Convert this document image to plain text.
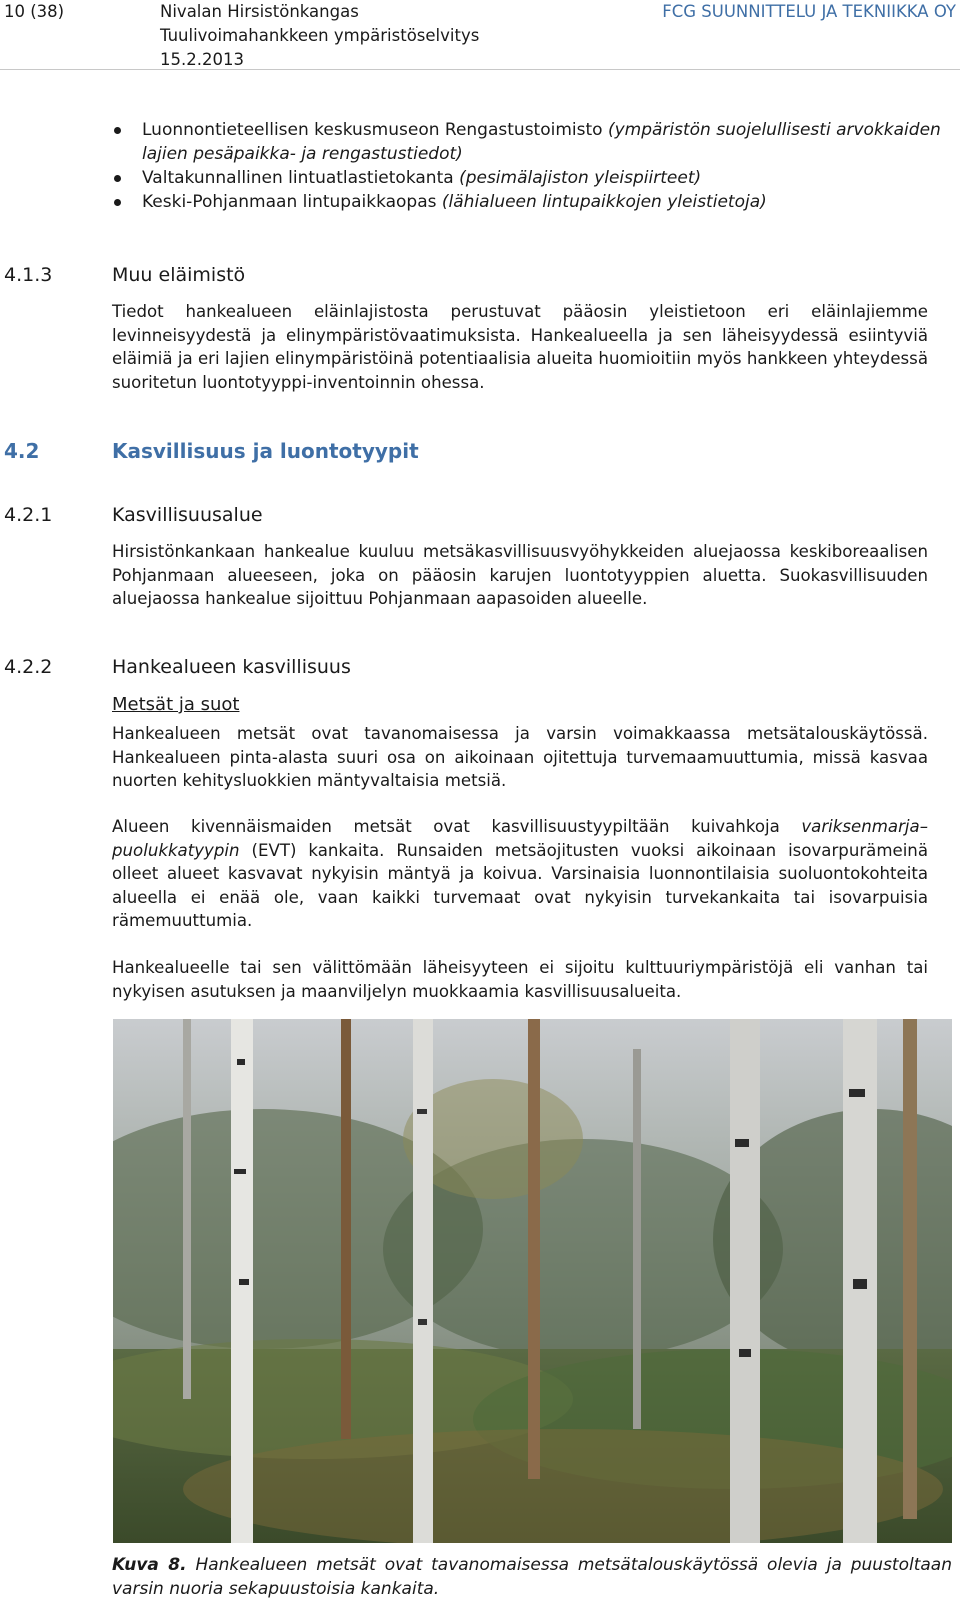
10 (38)	Nivalan Hirsistönkangas
Tuulivoimahankkeen ympäristöselvitys
15.2.2013
FCG SUUNNITTELU JA TEKNIIKKA OY
Luonnontieteellisen keskusmuseon Rengastustoimisto (ympäristön suojelullisesti arvokkaiden lajien pesäpaikka- ja rengastustiedot)
Valtakunnallinen lintuatlastietokanta (pesimälajiston yleispiirteet)
Keski-Pohjanmaan lintupaikkaopas (lähialueen lintupaikkojen yleistietoja)
4.1.3	Muu eläimistö

Tiedot hankealueen eläinlajistosta perustuvat pääosin yleistietoon eri eläinlajiemme levinneisyydestä ja elinympäristövaatimuksista. Hankealueella ja sen läheisyydessä esiintyviä eläimiä ja eri lajien elinympäristöinä potentiaalisia alueita huomioitiin myös hankkeen yhteydessä suoritetun luontotyyppi-inventoinnin ohessa.

4.2	Kasvillisuus ja luontotyypit
4.2.1	Kasvillisuusalue

Hirsistönkankaan hankealue kuuluu metsäkasvillisuusvyöhykkeiden aluejaossa keskiboreaalisen Pohjanmaan alueeseen, joka on pääosin karujen luontotyyppien aluetta. Suokasvillisuuden aluejaossa hankealue sijoittuu Pohjanmaan aapasoiden alueelle.

4.2.2	Hankealueen kasvillisuus
Metsät ja suot

Hankealueen metsät ovat tavanomaisessa ja varsin voimakkaassa metsätalouskäytössä. Hankealueen pinta-alasta suuri osa on aikoinaan ojitettuja turvemaamuuttumia, missä kasvaa nuorten kehitysluokkien mäntyvaltaisia metsiä.

Alueen kivennäismaiden metsät ovat kasvillisuustyypiltään kuivahkoja variksenmarja–puolukkatyypin (EVT) kankaita. Runsaiden metsäojitusten vuoksi aikoinaan isovarpurämeinä olleet alueet kasvavat nykyisin mäntyä ja koivua. Varsinaisia luonnontilaisia suoluontokohteita alueella ei enää ole, vaan kaikki turvemaat ovat nykyisin turvekankaita tai isovarpuisia rämemuuttumia.

Hankealueelle tai sen välittömään läheisyyteen ei sijoitu kulttuuriympäristöjä eli vanhan tai nykyisen asutuksen ja maanviljelyn muokkaamia kasvillisuusalueita.

Kuva 8. Hankealueen metsät ovat tavanomaisessa metsätalouskäytössä olevia ja puustoltaan varsin nuoria sekapuustoisia kankaita.
